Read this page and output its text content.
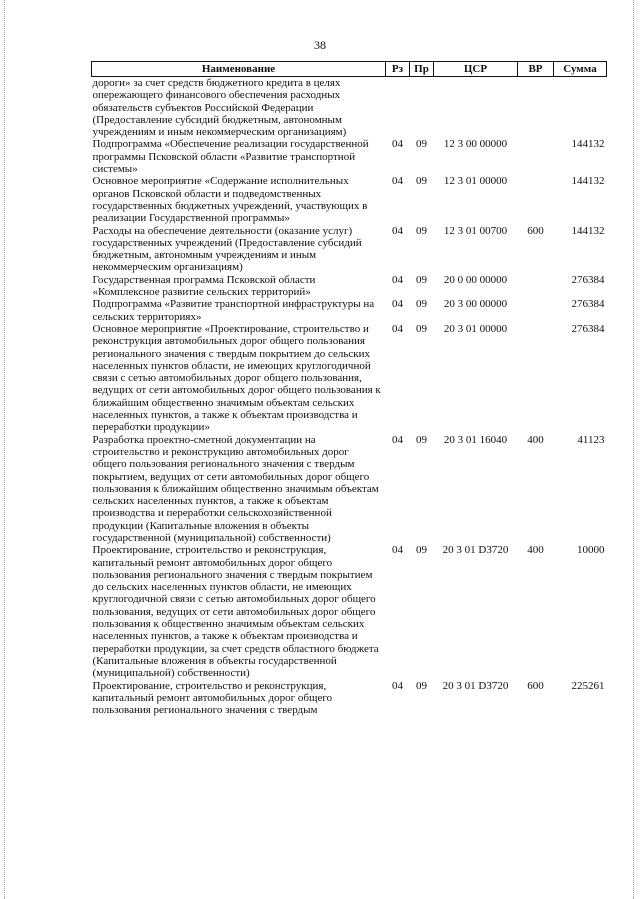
38
Наименование	Рз	Пр	ЦСР	ВР	Сумма
дороги» за счет средств бюджетного кредита в целях опережающего финансового обеспечения расходных обязательств субъектов Российской Федерации (Предоставление субсидий бюджетным, автономным учреждениям и иным некоммерческим организациям)					
Подпрограмма «Обеспечение реализации государственной программы Псковской области «Развитие транспортной системы»	04	09	12 3 00 00000		144132
Основное мероприятие «Содержание исполнительных органов Псковской области и подведомственных государственных бюджетных учреждений, участвующих в реализации Государственной программы»	04	09	12 3 01 00000		144132
Расходы на обеспечение деятельности (оказание услуг) государственных учреждений (Предоставление субсидий бюджетным, автономным учреждениям и иным некоммерческим организациям)	04	09	12 3 01 00700	600	144132
Государственная программа Псковской области «Комплексное развитие сельских территорий»	04	09	20 0 00 00000		276384
Подпрограмма «Развитие транспортной инфраструктуры на сельских территориях»	04	09	20 3 00 00000		276384
Основное мероприятие «Проектирование, строительство и реконструкция автомобильных дорог общего пользования регионального значения с твердым покрытием до сельских населенных пунктов области, не имеющих круглогодичной связи с сетью автомобильных дорог общего пользования, ведущих от сети автомобильных дорог общего пользования к ближайшим общественно значимым объектам сельских населенных пунктов, а также к объектам производства и переработки продукции»	04	09	20 3 01 00000		276384
Разработка проектно-сметной документации на строительство и реконструкцию автомобильных дорог общего пользования регионального значения с твердым покрытием, ведущих от сети автомобильных дорог общего пользования к ближайшим общественно значимым объектам сельских населенных пунктов, а также к объектам производства и переработки сельскохозяйственной продукции (Капитальные вложения в объекты государственной (муниципальной) собственности)	04	09	20 3 01 16040	400	41123
Проектирование, строительство и реконструкция, капитальный ремонт автомобильных дорог общего пользования регионального значения с твердым покрытием до сельских населенных пунктов области, не имеющих круглогодичной связи с сетью автомобильных дорог общего пользования, ведущих от сети автомобильных дорог общего пользования к общественно значимым объектам сельских населенных пунктов, а также к объектам производства и переработки продукции, за счет средств областного бюджета (Капитальные вложения в объекты государственной (муниципальной) собственности)	04	09	20 3 01 D3720	400	10000
Проектирование, строительство и реконструкция, капитальный ремонт автомобильных дорог общего пользования регионального значения с твердым	04	09	20 3 01 D3720	600	225261
